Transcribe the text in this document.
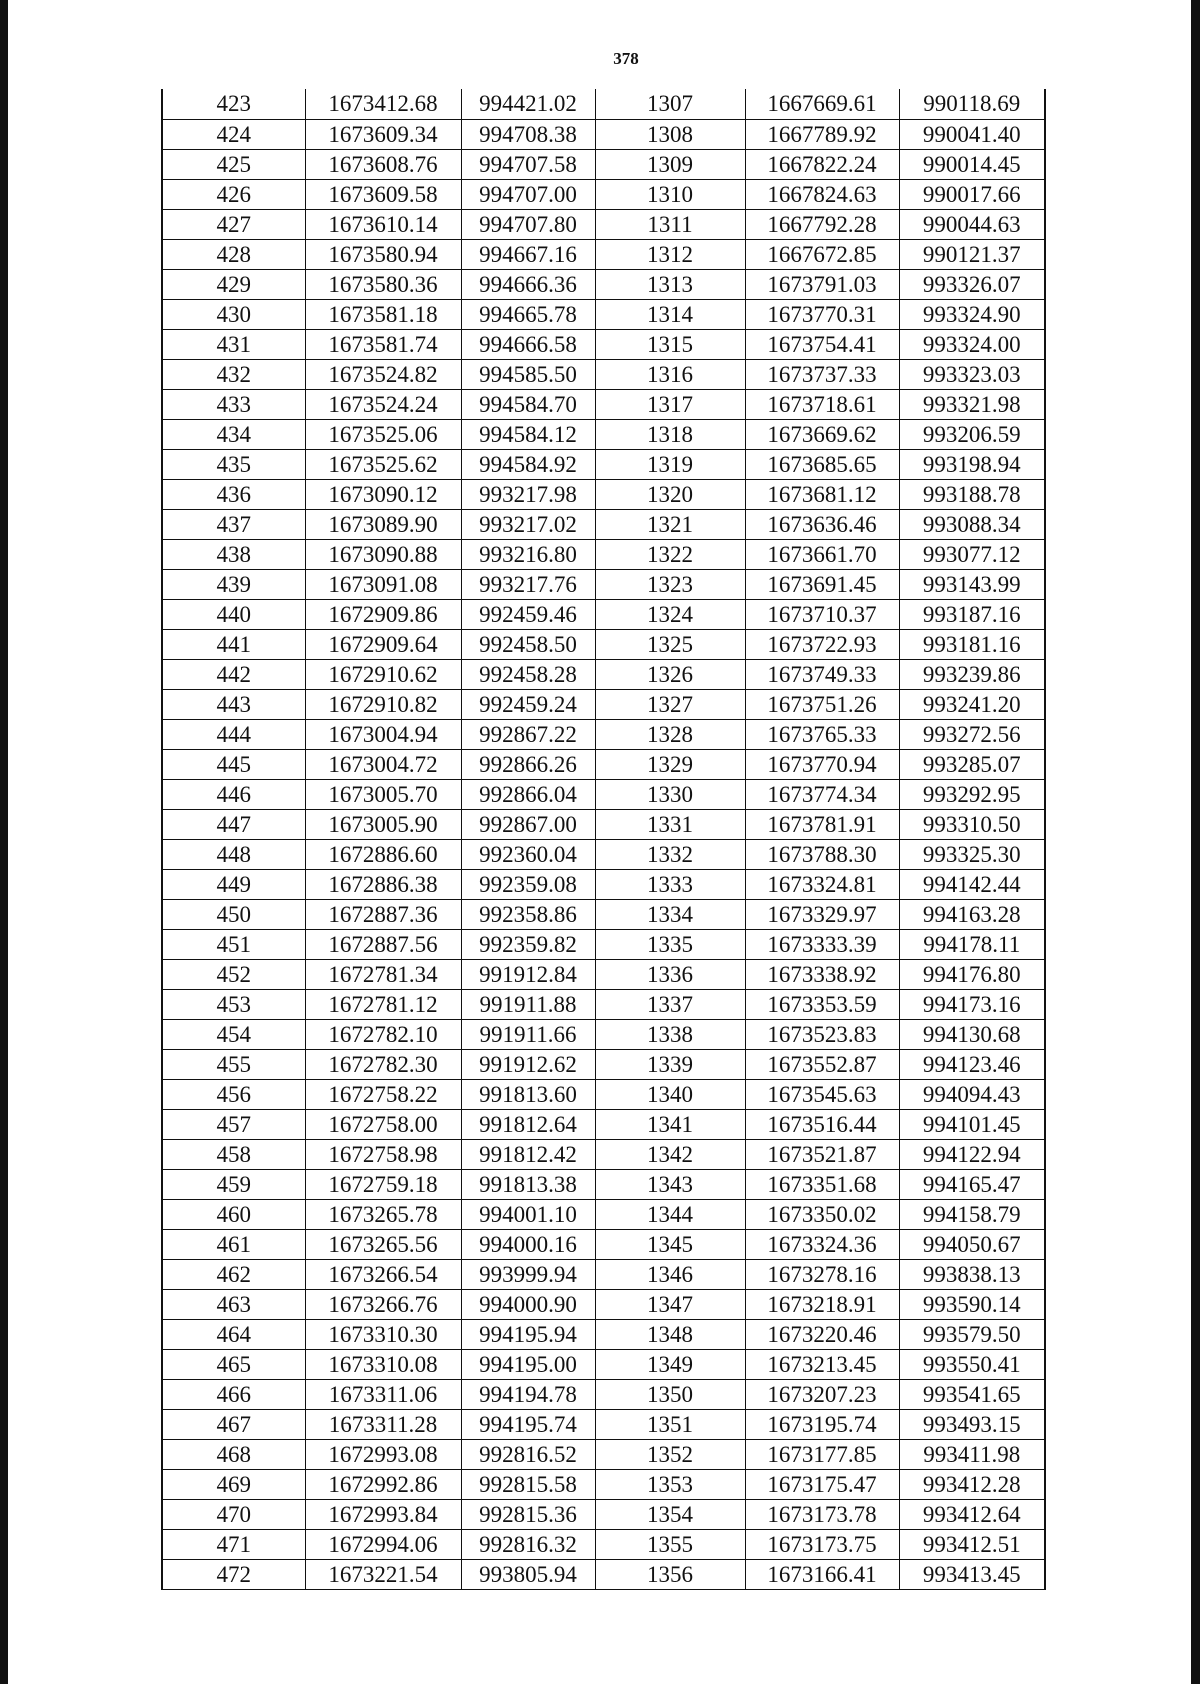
378
423	1673412.68	994421.02	1307	1667669.61	990118.69
424	1673609.34	994708.38	1308	1667789.92	990041.40
425	1673608.76	994707.58	1309	1667822.24	990014.45
426	1673609.58	994707.00	1310	1667824.63	990017.66
427	1673610.14	994707.80	1311	1667792.28	990044.63
428	1673580.94	994667.16	1312	1667672.85	990121.37
429	1673580.36	994666.36	1313	1673791.03	993326.07
430	1673581.18	994665.78	1314	1673770.31	993324.90
431	1673581.74	994666.58	1315	1673754.41	993324.00
432	1673524.82	994585.50	1316	1673737.33	993323.03
433	1673524.24	994584.70	1317	1673718.61	993321.98
434	1673525.06	994584.12	1318	1673669.62	993206.59
435	1673525.62	994584.92	1319	1673685.65	993198.94
436	1673090.12	993217.98	1320	1673681.12	993188.78
437	1673089.90	993217.02	1321	1673636.46	993088.34
438	1673090.88	993216.80	1322	1673661.70	993077.12
439	1673091.08	993217.76	1323	1673691.45	993143.99
440	1672909.86	992459.46	1324	1673710.37	993187.16
441	1672909.64	992458.50	1325	1673722.93	993181.16
442	1672910.62	992458.28	1326	1673749.33	993239.86
443	1672910.82	992459.24	1327	1673751.26	993241.20
444	1673004.94	992867.22	1328	1673765.33	993272.56
445	1673004.72	992866.26	1329	1673770.94	993285.07
446	1673005.70	992866.04	1330	1673774.34	993292.95
447	1673005.90	992867.00	1331	1673781.91	993310.50
448	1672886.60	992360.04	1332	1673788.30	993325.30
449	1672886.38	992359.08	1333	1673324.81	994142.44
450	1672887.36	992358.86	1334	1673329.97	994163.28
451	1672887.56	992359.82	1335	1673333.39	994178.11
452	1672781.34	991912.84	1336	1673338.92	994176.80
453	1672781.12	991911.88	1337	1673353.59	994173.16
454	1672782.10	991911.66	1338	1673523.83	994130.68
455	1672782.30	991912.62	1339	1673552.87	994123.46
456	1672758.22	991813.60	1340	1673545.63	994094.43
457	1672758.00	991812.64	1341	1673516.44	994101.45
458	1672758.98	991812.42	1342	1673521.87	994122.94
459	1672759.18	991813.38	1343	1673351.68	994165.47
460	1673265.78	994001.10	1344	1673350.02	994158.79
461	1673265.56	994000.16	1345	1673324.36	994050.67
462	1673266.54	993999.94	1346	1673278.16	993838.13
463	1673266.76	994000.90	1347	1673218.91	993590.14
464	1673310.30	994195.94	1348	1673220.46	993579.50
465	1673310.08	994195.00	1349	1673213.45	993550.41
466	1673311.06	994194.78	1350	1673207.23	993541.65
467	1673311.28	994195.74	1351	1673195.74	993493.15
468	1672993.08	992816.52	1352	1673177.85	993411.98
469	1672992.86	992815.58	1353	1673175.47	993412.28
470	1672993.84	992815.36	1354	1673173.78	993412.64
471	1672994.06	992816.32	1355	1673173.75	993412.51
472	1673221.54	993805.94	1356	1673166.41	993413.45
